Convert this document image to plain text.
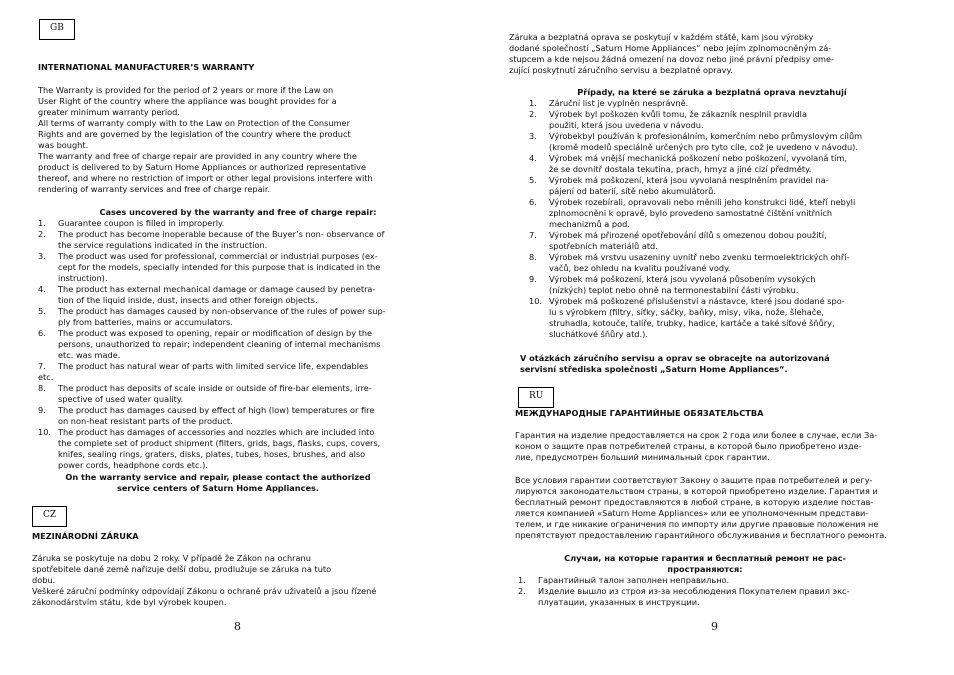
GB
INTERNATIONAL MANUFACTURER’S WARRANTY
The Warranty is provided for the period of 2 years or more if the Law on
User Right of the country where the appliance was bought provides for a
greater minimum warranty period.
All terms of warranty comply with to the Law on Protection of the Consumer
Rights and are governed by the legislation of the country where the product
was bought.
The warranty and free of charge repair are provided in any country where the
product is delivered to by Saturn Home Appliances or authorized representative
thereof, and where no restriction of import or other legal provisions interfere with
rendering of warranty services and free of charge repair.
Cases uncovered by the warranty and free of charge repair:
1.	Guarantee coupon is filled in improperly.
2.	The product has become inoperable because of the Buyer’s non- observance of
the service regulations indicated in the instruction.
3.	The product was used for professional, commercial or industrial purposes (ex-
cept for the models, specially intended for this purpose that is indicated in the
instruction).
4.	The product has external mechanical damage or damage caused by penetra-
tion of the liquid inside, dust, insects and other foreign objects.
5.	The product has damages caused by non-observance of the rules of power sup-
ply from batteries, mains or accumulators.
6.	The product was exposed to opening, repair or modification of design by the
persons, unauthorized to repair; independent cleaning of internal mechanisms
etc. was made.
7.	The product has natural wear of parts with limited service life, expendables
etc.
8.	The product has deposits of scale inside or outside of fire-bar elements, irre-
spective of used water quality.
9.	The product has damages caused by effect of high (low) temperatures or fire
on non-heat resistant parts of the product.
10. The product has damages of accessories and nozzles which are included into
the complete set of product shipment (filters, grids, bags, flasks, cups, covers,
knifes, sealing rings, graters, disks, plates, tubes, hoses, brushes, and also
power cords, headphone cords etc.).
On the warranty service and repair, please contact the authorized
service centers of Saturn Home Appliances.
CZ
MEZINÁRODNÍ ZÁRUKA
Záruka se poskytuje na dobu 2 roky. V případě že Zákon na ochranu
spotřebitele dané země nařizuje delší dobu, prodlužuje se záruka na tuto
dobu.
Veškeré záruční podmínky odpovídají Zákonu o ochraně práv uživatelů a jsou řízené
zákonodárstvím státu, kde byl výrobek koupen.
8
Záruka a bezplatná oprava se poskytují v každém státě, kam jsou výrobky
dodané společností „Saturn Home Appliances“ nebo jejím zplnomocněným zá-
stupcem a kde nejsou žádná omezení na dovoz nebo jiné právní předpisy ome-
zující poskytnutí záručního servisu a bezplatné opravy.
Případy, na které se záruka a bezplatná oprava nevztahují
1.	Záruční list je vyplněn nesprávně.
2.	Výrobek byl poškozen kvůli tomu, že zákazník nesplnil pravidla
použití, která jsou uvedena v návodu.
3.	Výrobekbyl používán k profesionálním, komerčním nebo průmyslovým cílům
(kromě modelů speciálně určených pro tyto cíle, což je uvedeno v návodu).
4.	Výrobek má vnější mechanická poškození nebo poškození, vyvolaná tím,
že se dovnitř dostala tekutina, prach, hmyz a jiné cizí předměty.
5.	Výrobek má poškození, která jsou vyvolaná nesplněním pravidel na-
pájení od baterií, sítě nebo akumulátorů.
6.	Výrobek rozebírali, opravovali nebo měnili jeho konstrukci lidé, kteří nebyli
zplnomocněni k opravě, bylo provedeno samostatné čištění vnitřních
mechanizmů a pod.
7.	Výrobek má přirozené opotřebování dílů s omezenou dobou použití,
spotřebních materiálů atd.
8.	Výrobek má vrstvu usazeniny uvnitř nebo zvenku termoelektrických ohří-
vačů, bez ohledu na kvalitu používané vody.
9.	Výrobek má poškození, která jsou vyvolaná působením vysokých
(nízkých) teplot nebo ohně na termonestabilní části výrobku.
10. Výrobek má poškozené příslušenství a nástavce, které jsou dodané spo-
lu s výrobkem (filtry, síťky, sáčky, baňky, misy, víka, nože, šlehače,
struhadla, kotouče, talíře, trubky, hadice, kartáče a také síťové šňůry,
sluchátkové šňůry atd.).
V otázkách záručního servisu a oprav se obracejte na autorizovaná
servisní střediska společnosti „Saturn Home Appliances“.
RU
МЕЖДУНАРОДНЫЕ ГАРАНТИЙНЫЕ ОБЯЗАТЕЛЬСТВА
Гарантия на изделие предоставляется на срок 2 года или более в случае, если За-
коном о защите прав потребителей страны, в которой было приобретено изде-
лие, предусмотрен больший минимальный срок гарантии.
Все условия гарантии соответствуют Закону о защите прав потребителей и регу-
лируются законодательством страны, в которой приобретено изделие. Гарантия и
бесплатный ремонт предоставляются в любой стране, в которую изделие постав-
ляется компанией «Saturn Home Appliances» или ее уполномоченным представи-
телем, и где никакие ограничения по импорту или другие правовые положения не
препятствуют предоставлению гарантийного обслуживания и бесплатного ремонта.
Случаи, на которые гарантия и бесплатный ремонт не рас-
пространяются:
1.	Гарантийный талон заполнен неправильно.
2.	Изделие вышло из строя из-за несоблюдения Покупателем правил экс-
плуатации, указанных в инструкции.
9
